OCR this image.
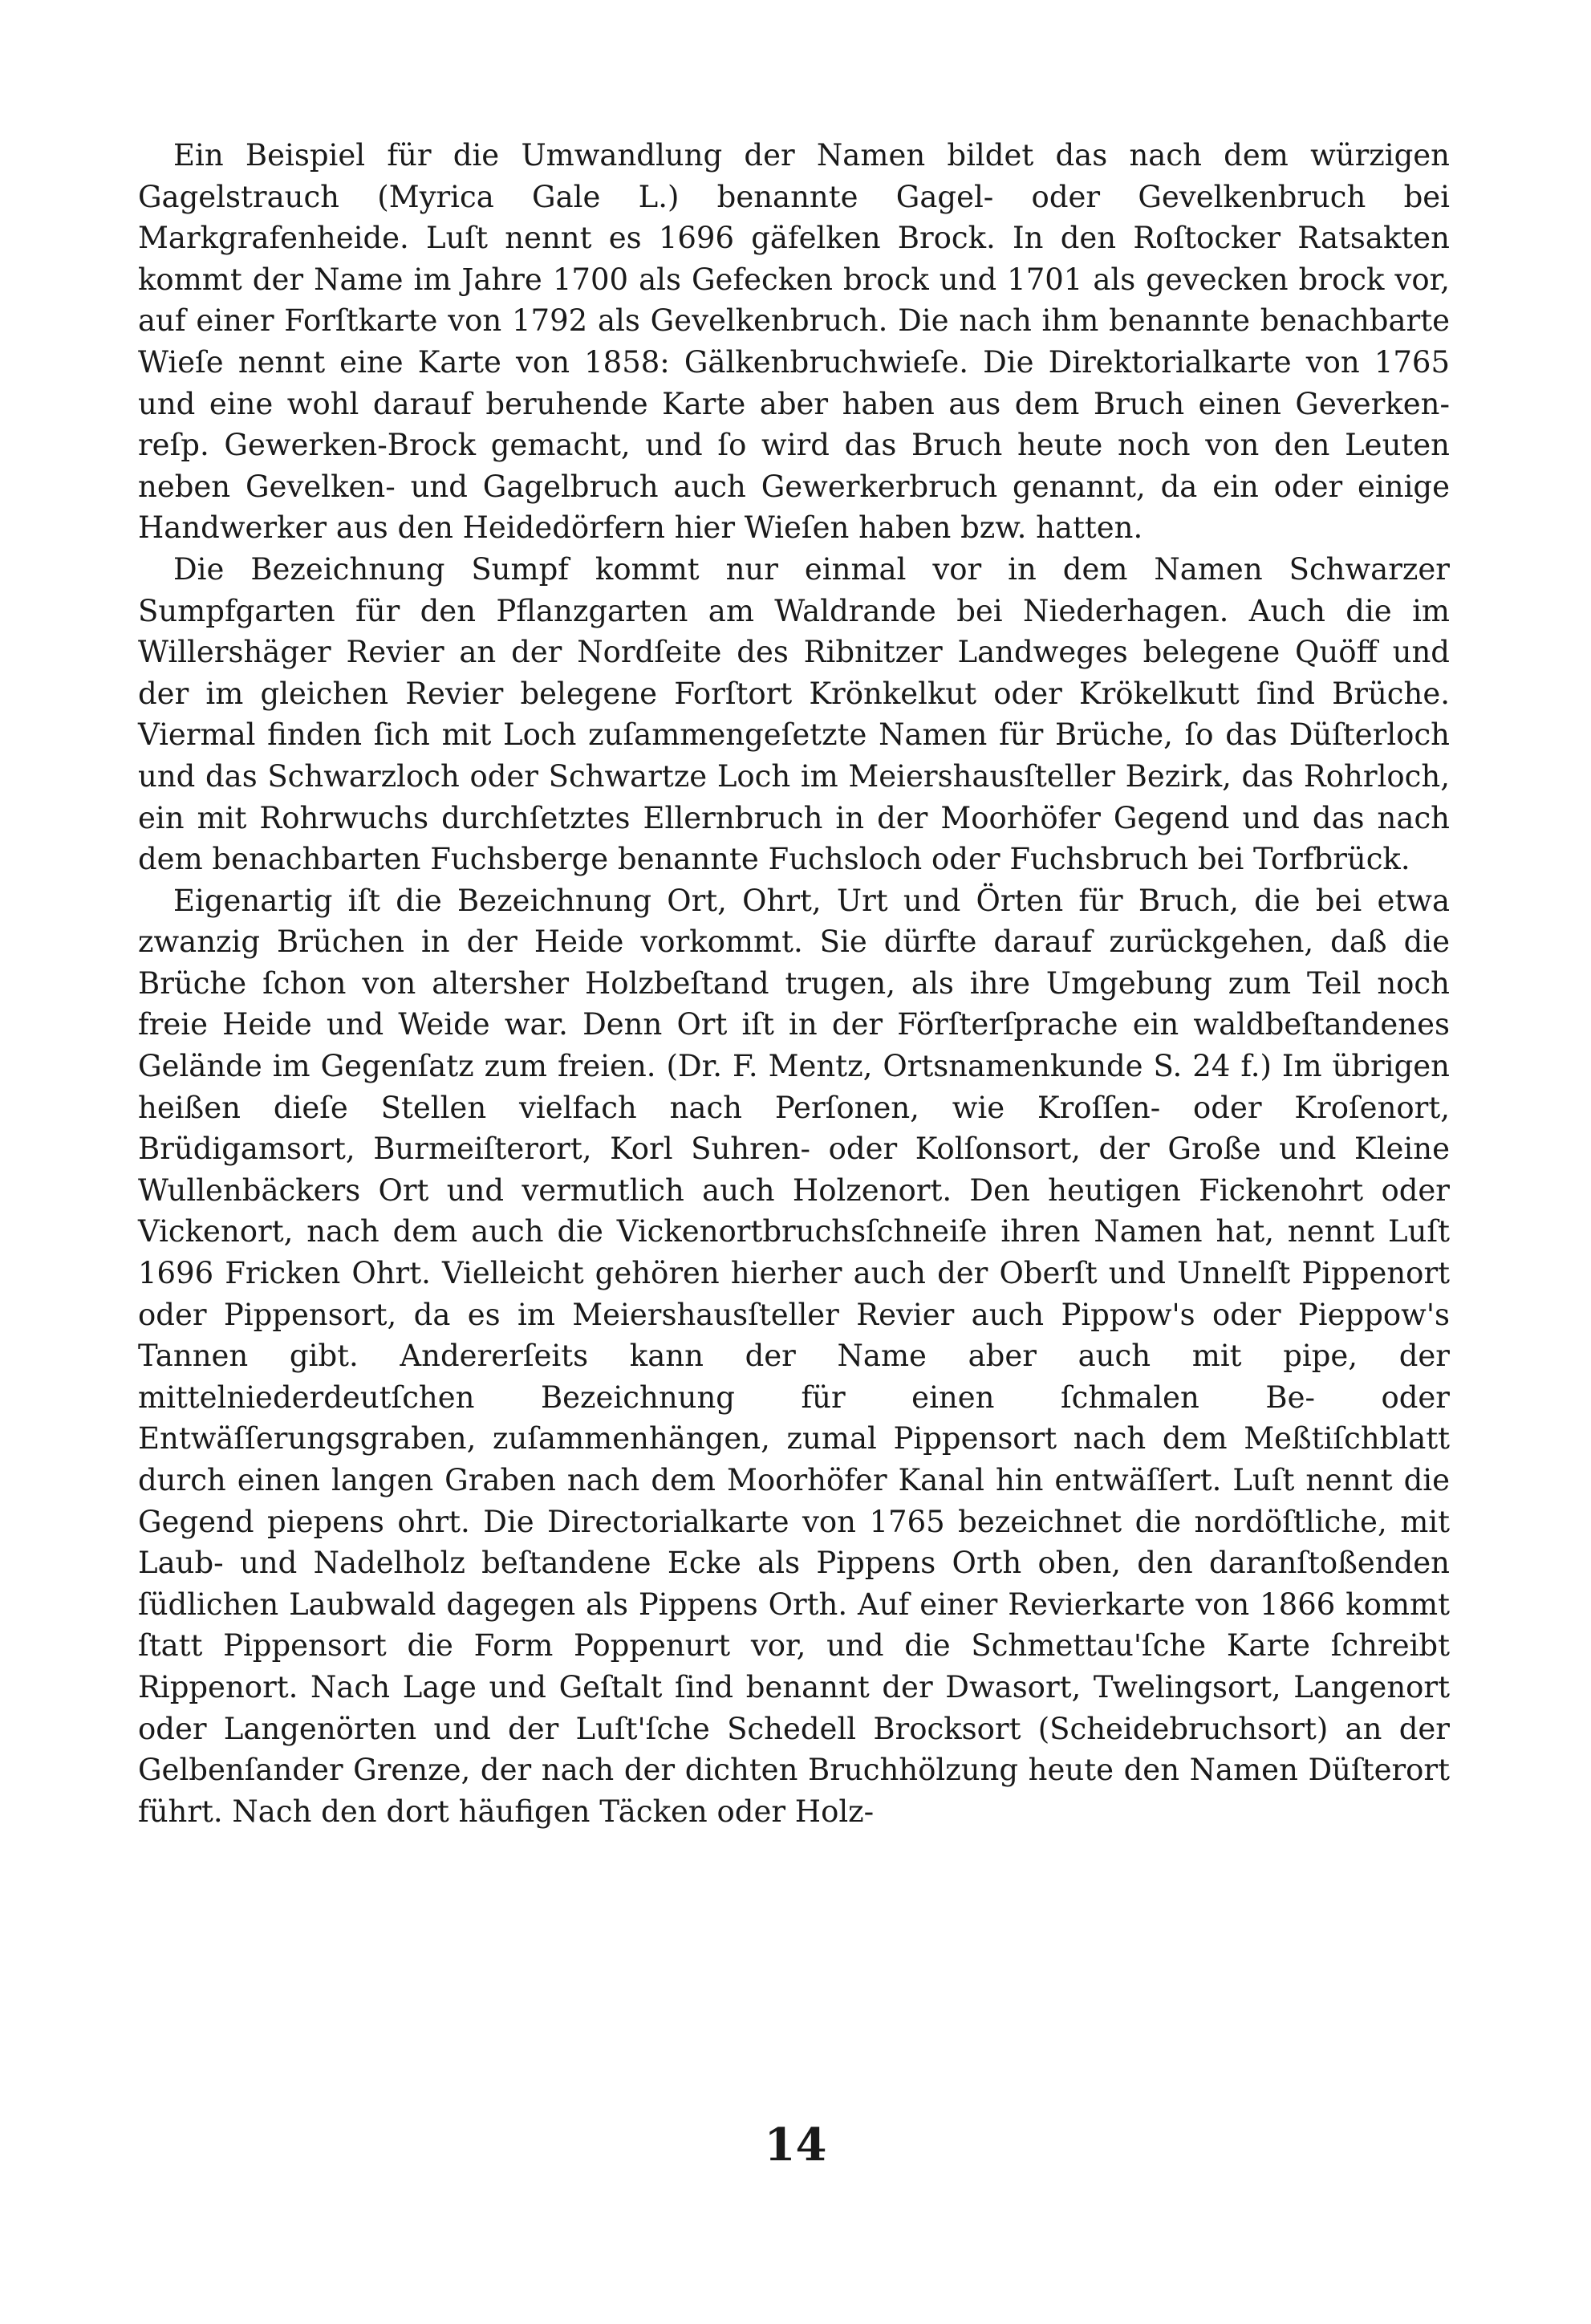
Ein Beispiel für die Umwandlung der Namen bildet das nach dem würzigen Gagelstrauch (Myrica Gale L.) benannte Gagel- oder Gevelkenbruch bei Markgrafenheide. Luſt nennt es 1696 gäfelken Brock. In den Roſtocker Ratsakten kommt der Name im Jahre 1700 als Gefecken brock und 1701 als gevecken brock vor, auf einer Forſtkarte von 1792 als Gevelkenbruch. Die nach ihm benannte benachbarte Wieſe nennt eine Karte von 1858: Gälkenbruchwieſe. Die Direktorialkarte von 1765 und eine wohl darauf beruhende Karte aber haben aus dem Bruch einen Geverken- reſp. Gewerken-Brock gemacht, und ſo wird das Bruch heute noch von den Leuten neben Gevelken- und Gagelbruch auch Gewerkerbruch genannt, da ein oder einige Handwerker aus den Heidedörfern hier Wieſen haben bzw. hatten.

Die Bezeichnung Sumpf kommt nur einmal vor in dem Namen Schwarzer Sumpfgarten für den Pflanzgarten am Waldrande bei Niederhagen. Auch die im Willershäger Revier an der Nordſeite des Ribnitzer Landweges belegene Quöff und der im gleichen Revier belegene Forſtort Krönkelkut oder Krökelkutt ſind Brüche. Viermal finden ſich mit Loch zuſammengeſetzte Namen für Brüche, ſo das Düſterloch und das Schwarzloch oder Schwartze Loch im Meiershausſteller Bezirk, das Rohrloch, ein mit Rohrwuchs durchſetztes Ellernbruch in der Moorhöfer Gegend und das nach dem benachbarten Fuchsberge benannte Fuchsloch oder Fuchsbruch bei Torfbrück.

Eigenartig iſt die Bezeichnung Ort, Ohrt, Urt und Örten für Bruch, die bei etwa zwanzig Brüchen in der Heide vorkommt. Sie dürfte darauf zurückgehen, daß die Brüche ſchon von altersher Holzbeſtand trugen, als ihre Umgebung zum Teil noch freie Heide und Weide war. Denn Ort iſt in der Förſterſprache ein waldbeſtandenes Gelände im Gegenſatz zum freien. (Dr. F. Mentz, Ortsnamenkunde S. 24 f.) Im übrigen heißen dieſe Stellen vielfach nach Perſonen, wie Kroſſen- oder Kroſenort, Brüdigamsort, Burmeiſterort, Korl Suhren- oder Kolſonsort, der Große und Kleine Wullenbäckers Ort und vermutlich auch Holzenort. Den heutigen Fickenohrt oder Vickenort, nach dem auch die Vickenortbruchsſchneiſe ihren Namen hat, nennt Luſt 1696 Fricken Ohrt. Vielleicht gehören hierher auch der Oberſt und Unnelſt Pippenort oder Pippensort, da es im Meiershausſteller Revier auch Pippow's oder Pieppow's Tannen gibt. Andererſeits kann der Name aber auch mit pipe, der mittelniederdeutſchen Bezeichnung für einen ſchmalen Be- oder Entwäſſerungsgraben, zuſammenhängen, zumal Pippensort nach dem Meßtiſchblatt durch einen langen Graben nach dem Moorhöfer Kanal hin entwäſſert. Luſt nennt die Gegend piepens ohrt. Die Directorialkarte von 1765 bezeichnet die nordöſtliche, mit Laub- und Nadelholz beſtandene Ecke als Pippens Orth oben, den daranſtoßenden ſüdlichen Laubwald dagegen als Pippens Orth. Auf einer Revierkarte von 1866 kommt ſtatt Pippensort die Form Poppenurt vor, und die Schmettau'ſche Karte ſchreibt Rippenort. Nach Lage und Geſtalt ſind benannt der Dwasort, Twelingsort, Langenort oder Langenörten und der Luſt'ſche Schedell Brocksort (Scheidebruchsort) an der Gelbenſander Grenze, der nach der dichten Bruchhölzung heute den Namen Düſterort führt. Nach den dort häufigen Täcken oder Holz-

14
